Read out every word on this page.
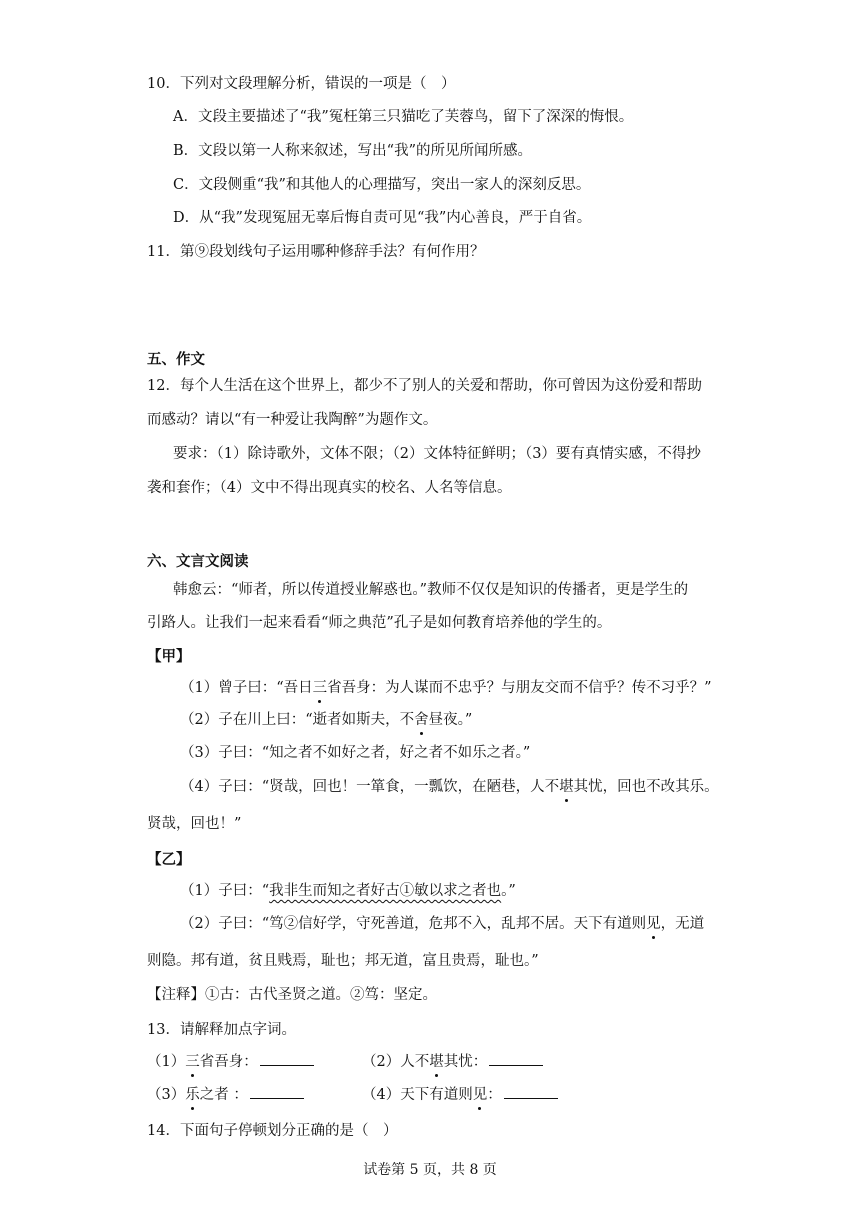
10．下列对文段理解分析，错误的一项是（　）
A．文段主要描述了“我”冤枉第三只猫吃了芙蓉鸟，留下了深深的悔恨。
B．文段以第一人称来叙述，写出“我”的所见所闻所感。
C．文段侧重“我”和其他人的心理描写，突出一家人的深刻反思。
D．从“我”发现冤屈无辜后悔自责可见“我”内心善良，严于自省。
11．第⑨段划线句子运用哪种修辞手法？有何作用？
五、作文
12．每个人生活在这个世界上，都少不了别人的关爱和帮助，你可曾因为这份爱和帮助
而感动？请以“有一种爱让我陶醉”为题作文。
要求：（1）除诗歌外，文体不限；（2）文体特征鲜明；（3）要有真情实感，不得抄
袭和套作；（4）文中不得出现真实的校名、人名等信息。
六、文言文阅读
韩愈云：“师者，所以传道授业解惑也。”教师不仅仅是知识的传播者，更是学生的
引路人。让我们一起来看看“师之典范”孔子是如何教育培养他的学生的。
【甲】
（1）曾子曰：“吾日三省吾身：为人谋而不忠乎？与朋友交而不信乎？传不习乎？”
（2）子在川上曰：“逝者如斯夫，不舍昼夜。”
（3）子曰：“知之者不如好之者，好之者不如乐之者。”
（4）子曰：“贤哉，回也！一箪食，一瓢饮，在陋巷，人不堪其忧，回也不改其乐。
贤哉，回也！”
【乙】
（1）子曰：“我非生而知之者好古①敏以求之者也。”
（2）子曰：“笃②信好学，守死善道，危邦不入，乱邦不居。天下有道则见，无道
则隐。邦有道，贫且贱焉，耻也；邦无道，富且贵焉，耻也。”
【注释】①古：古代圣贤之道。②笃：坚定。
13．请解释加点字词。
（1）三省吾身：	（2）人不堪其忧：
（3）乐之者 ：	（4）天下有道则见：
14．下面句子停顿划分正确的是（　）
试卷第 5 页，共 8 页
